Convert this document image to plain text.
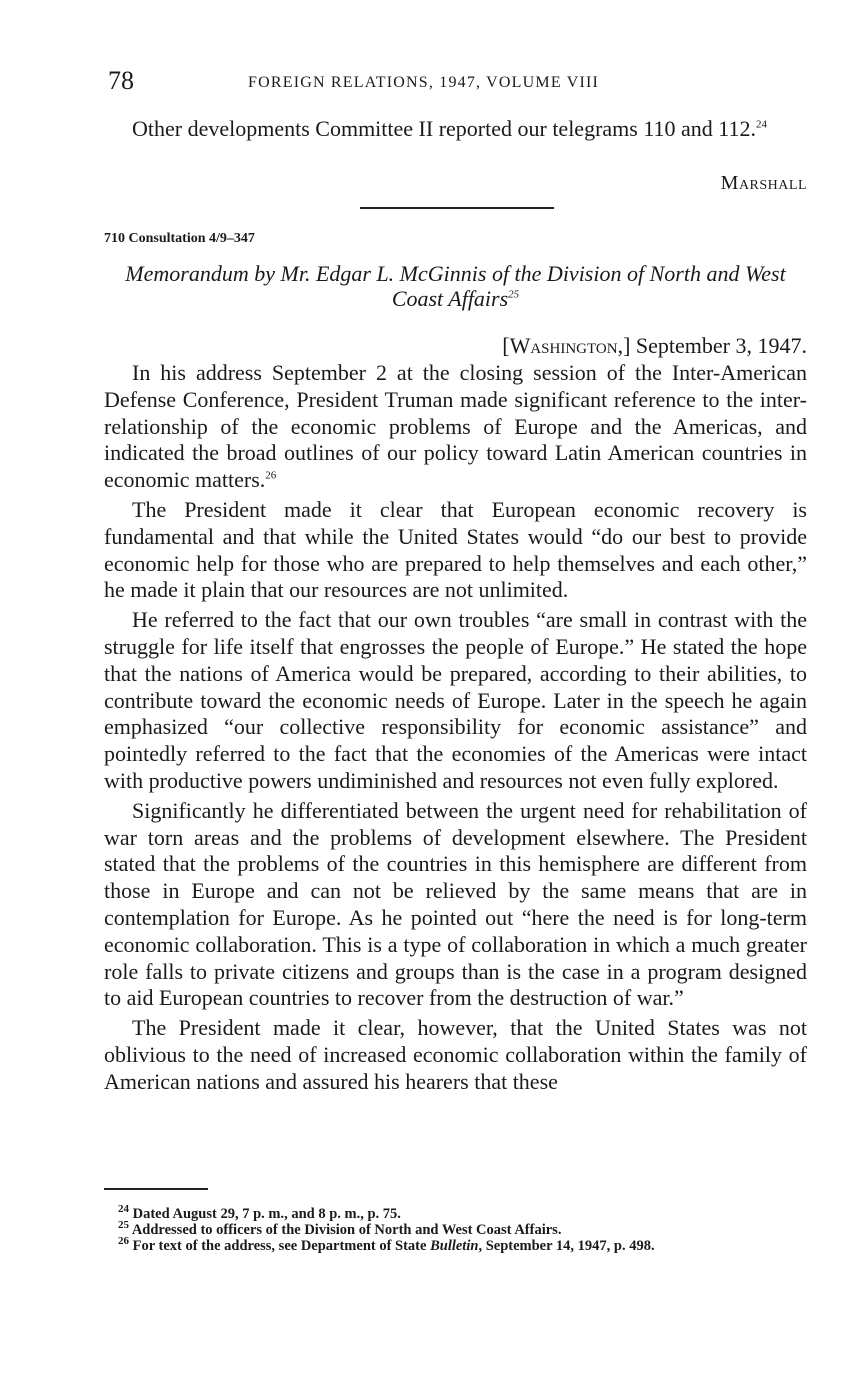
78	FOREIGN RELATIONS, 1947, VOLUME VIII

Other developments Committee II reported our telegrams 110 and 112.24

Marshall
710 Consultation 4/9–347
Memorandum by Mr. Edgar L. McGinnis of the Division of North and West Coast Affairs$^{25}$
[Washington,] September 3, 1947.

In his address September 2 at the closing session of the Inter-American Defense Conference, President Truman made significant reference to the inter-relationship of the economic problems of Europe and the Americas, and indicated the broad outlines of our policy toward Latin American countries in economic matters.$^{26}$

The President made it clear that European economic recovery is fundamental and that while the United States would “do our best to provide economic help for those who are prepared to help themselves and each other,” he made it plain that our resources are not unlimited.

He referred to the fact that our own troubles “are small in contrast with the struggle for life itself that engrosses the people of Europe.” He stated the hope that the nations of America would be prepared, according to their abilities, to contribute toward the economic needs of Europe. Later in the speech he again emphasized “our collective responsibility for economic assistance” and pointedly referred to the fact that the economies of the Americas were intact with productive powers undiminished and resources not even fully explored.

Significantly he differentiated between the urgent need for rehabilitation of war torn areas and the problems of development elsewhere. The President stated that the problems of the countries in this hemisphere are different from those in Europe and can not be relieved by the same means that are in contemplation for Europe. As he pointed out “here the need is for long-term economic collaboration. This is a type of collaboration in which a much greater role falls to private citizens and groups than is the case in a program designed to aid European countries to recover from the destruction of war.”

The President made it clear, however, that the United States was not oblivious to the need of increased economic collaboration within the family of American nations and assured his hearers that these

$^{24}$ Dated August 29, 7 p. m., and 8 p. m., p. 75.

$^{25}$ Addressed to officers of the Division of North and West Coast Affairs.

$^{26}$ For text of the address, see Department of State Bulletin, September 14, 1947, p. 498.
